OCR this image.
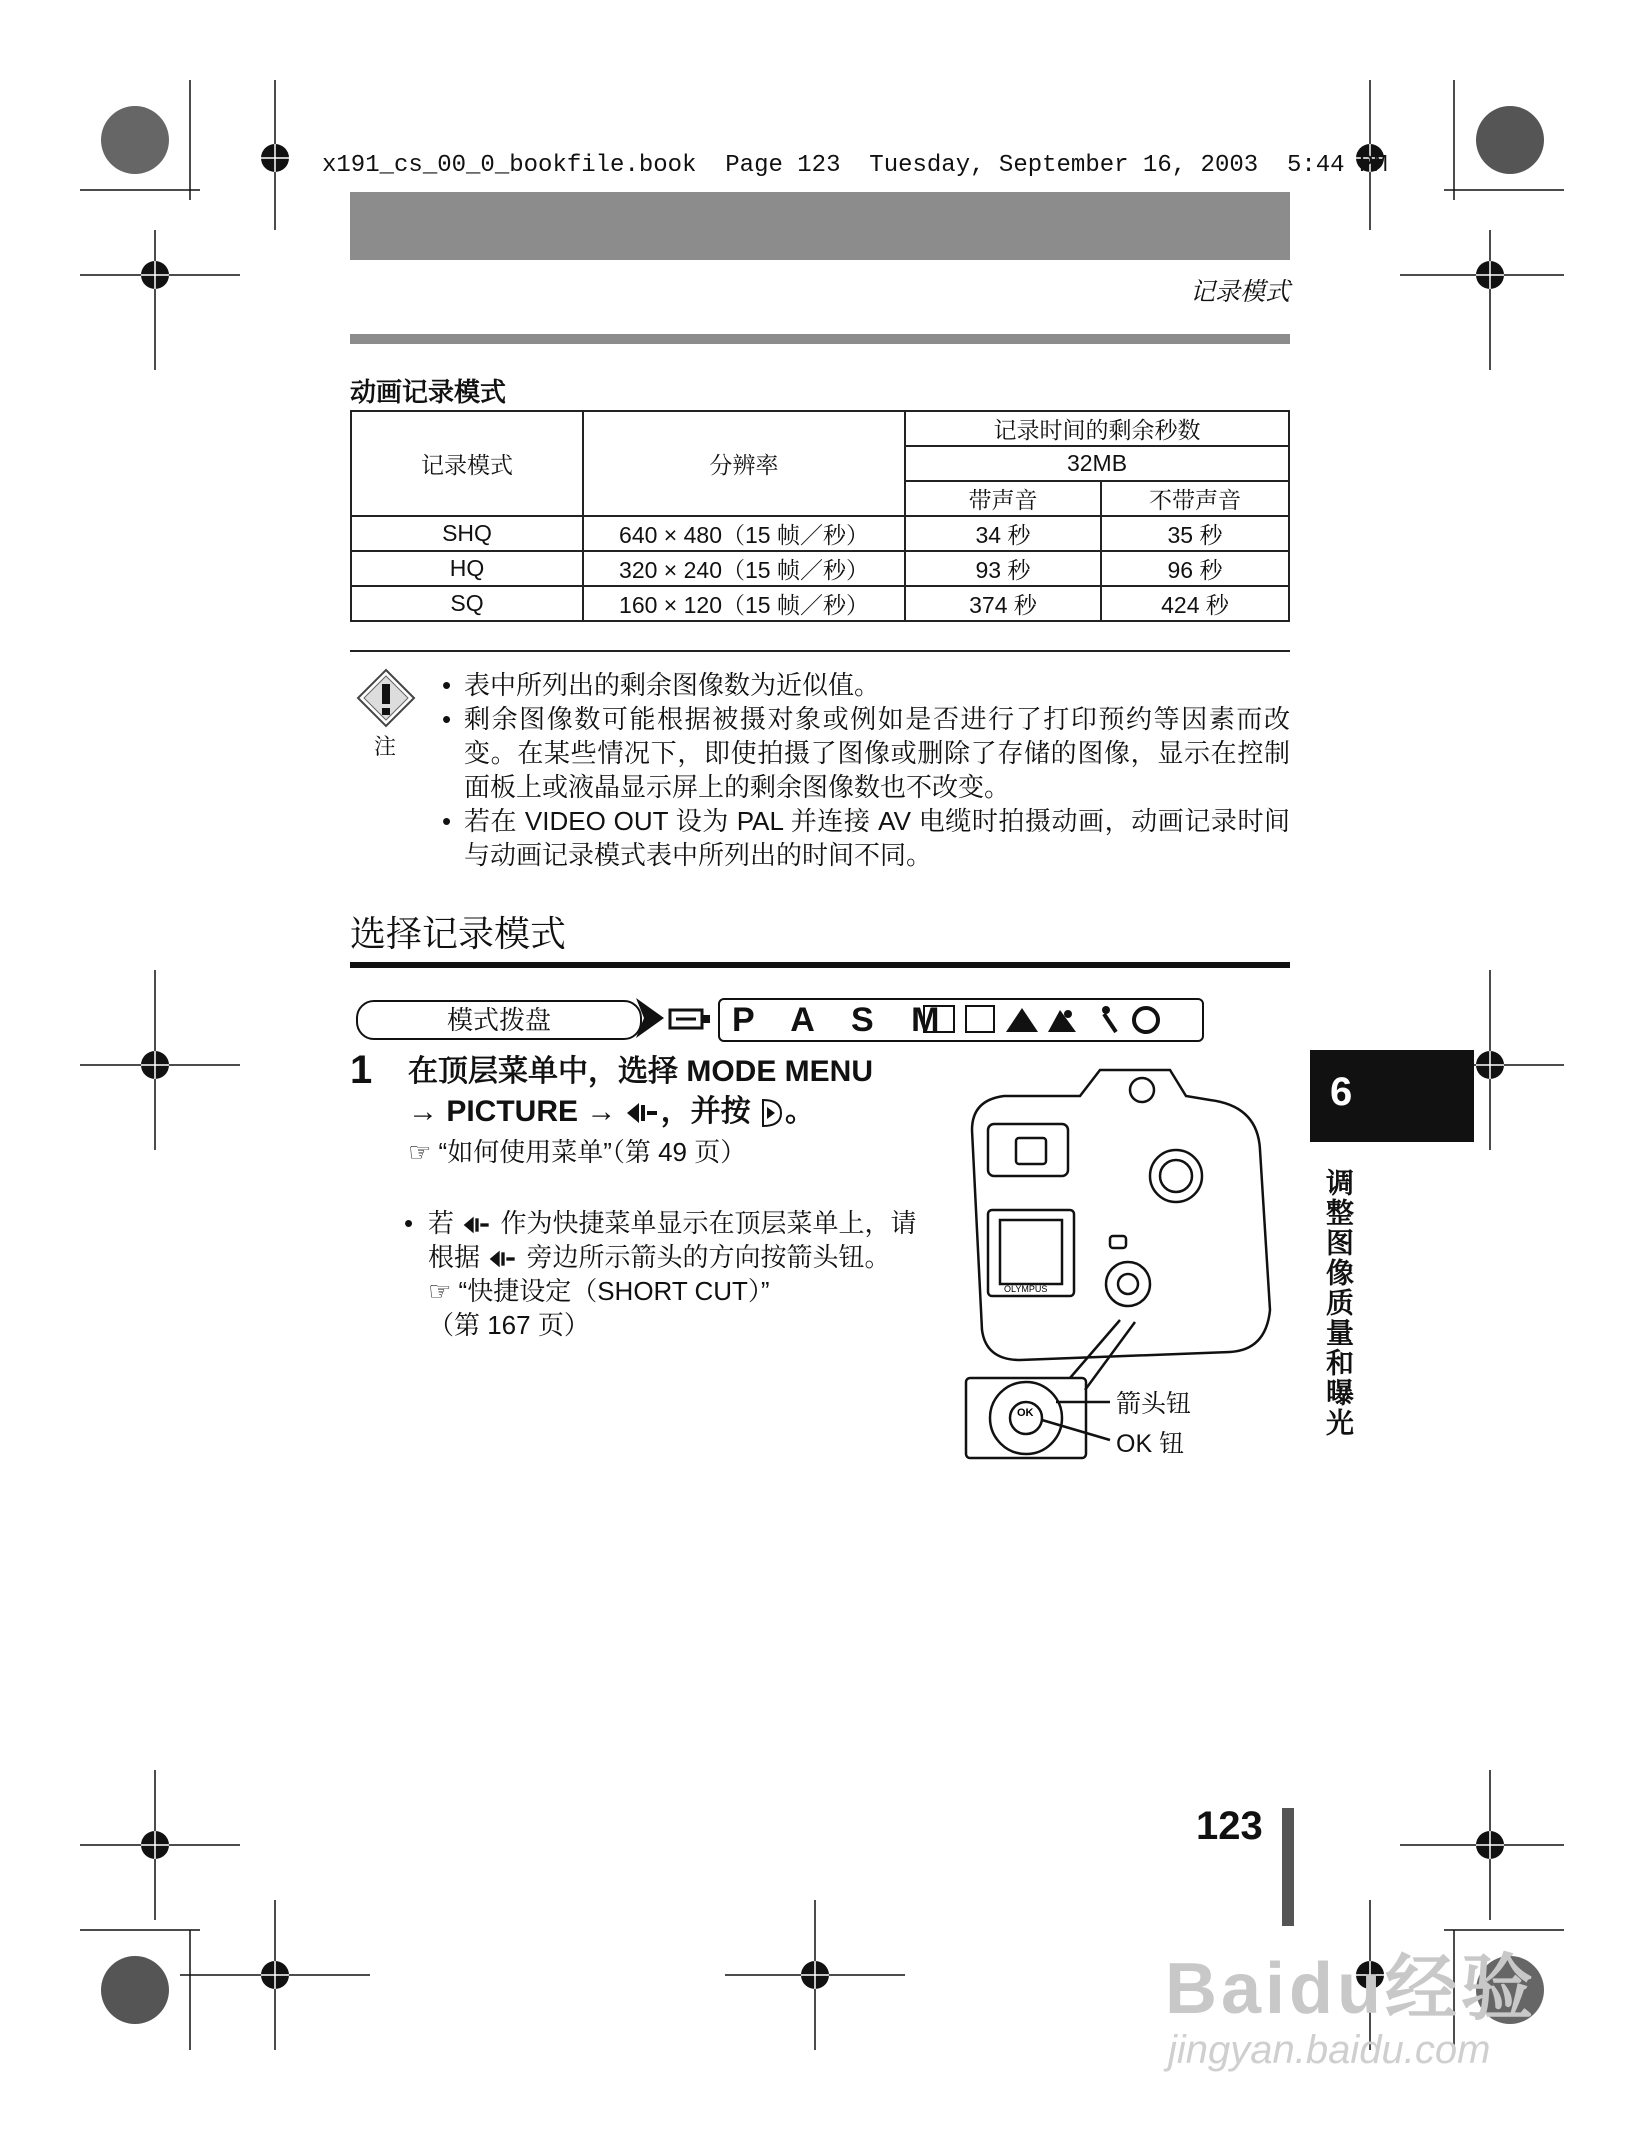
x191_cs_00_0_bookfile.book  Page 123  Tuesday, September 16, 2003  5:44 PM
记录模式
动画记录模式
记录模式	分辨率	记录时间的剩余秒数	
		32MB	
		带声音	不带声音
SHQ	640 × 480（15 帧／秒）	34 秒	35 秒
HQ	320 × 240（15 帧／秒）	93 秒	96 秒
SQ	160 × 120（15 帧／秒）	374 秒	424 秒
注
• 表中所列出的剩余图像数为近似值。
• 剩余图像数可能根据被摄对象或例如是否进行了打印预约等因素而改变。在某些情况下，即使拍摄了图像或删除了存储的图像，显示在控制面板上或液晶显示屏上的剩余图像数也不改变。
• 若在 VIDEO OUT 设为 PAL 并连接 AV 电缆时拍摄动画，动画记录时间与动画记录模式表中所列出的时间不同。
选择记录模式
模式拨盘	P A S M
1 在顶层菜单中，选择 MODE MENU
→ PICTURE → ，并按 。
☞ “如何使用菜单”（第 49 页）
• 若  作为快捷菜单显示在顶层菜单上，请根据  旁边所示箭头的方向按箭头钮。
☞ “快捷设定（SHORT CUT）”
（第 167 页）
OLYMPUS
OK	箭头钮
OK 钮
6
调整图像质量和曝光
123
Baidu经验
jingyan.baidu.com
